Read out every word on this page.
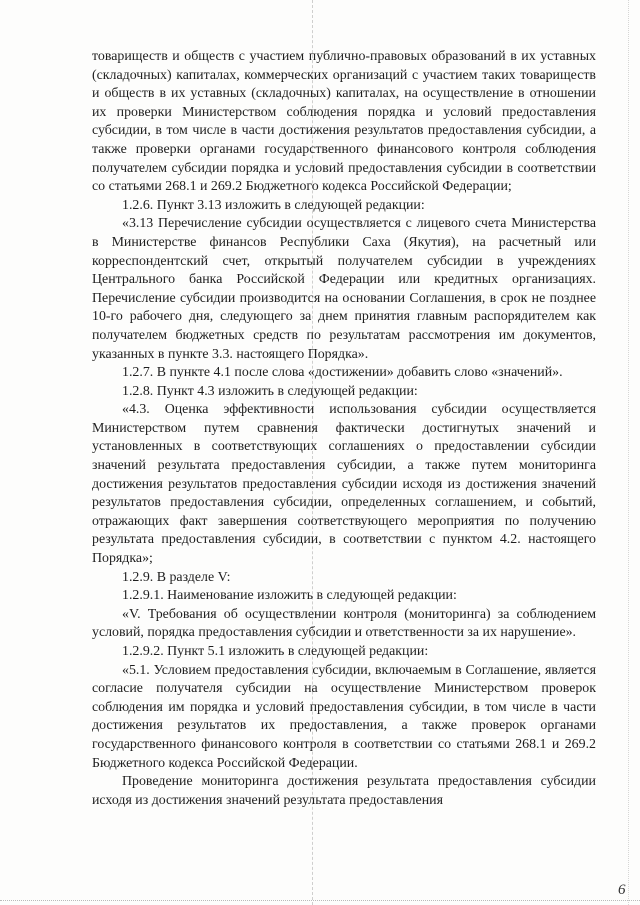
товариществ и обществ с участием публично-правовых образований в их уставных (складочных) капиталах, коммерческих организаций с участием таких товариществ и обществ в их уставных (складочных) капиталах, на осуществление в отношении их проверки Министерством соблюдения порядка и условий предоставления субсидии, в том числе в части достижения результатов предоставления субсидии, а также проверки органами государственного финансового контроля соблюдения получателем субсидии порядка и условий предоставления субсидии в соответствии со статьями 268.1 и 269.2 Бюджетного кодекса Российской Федерации;

1.2.6. Пункт 3.13 изложить в следующей редакции:

«3.13 Перечисление субсидии осуществляется с лицевого счета Министерства в Министерстве финансов Республики Саха (Якутия), на расчетный или корреспондентский счет, открытый получателем субсидии в учреждениях Центрального банка Российской Федерации или кредитных организациях. Перечисление субсидии производится на основании Соглашения, в срок не позднее 10-го рабочего дня, следующего за днем принятия главным распорядителем как получателем бюджетных средств по результатам рассмотрения им документов, указанных в пункте 3.3. настоящего Порядка».

1.2.7. В пункте 4.1 после слова «достижении» добавить слово «значений».

1.2.8. Пункт 4.3 изложить в следующей редакции:

«4.3. Оценка эффективности использования субсидии осуществляется Министерством путем сравнения фактически достигнутых значений и установленных в соответствующих соглашениях о предоставлении субсидии значений результата предоставления субсидии, а также путем мониторинга достижения результатов предоставления субсидии исходя из достижения значений результатов предоставления субсидии, определенных соглашением, и событий, отражающих факт завершения соответствующего мероприятия по получению результата предоставления субсидии, в соответствии с пунктом 4.2. настоящего Порядка»;

1.2.9. В разделе V:

1.2.9.1. Наименование изложить в следующей редакции:

«V. Требования об осуществлении контроля (мониторинга) за соблюдением условий, порядка предоставления субсидии и ответственности за их нарушение».

1.2.9.2. Пункт 5.1 изложить в следующей редакции:

«5.1. Условием предоставления субсидии, включаемым в Соглашение, является согласие получателя субсидии на осуществление Министерством проверок соблюдения им порядка и условий предоставления субсидии, в том числе в части достижения результатов их предоставления, а также проверок органами государственного финансового контроля в соответствии со статьями 268.1 и 269.2 Бюджетного кодекса Российской Федерации.

Проведение мониторинга достижения результата предоставления субсидии исходя из достижения значений результата предоставления

6
